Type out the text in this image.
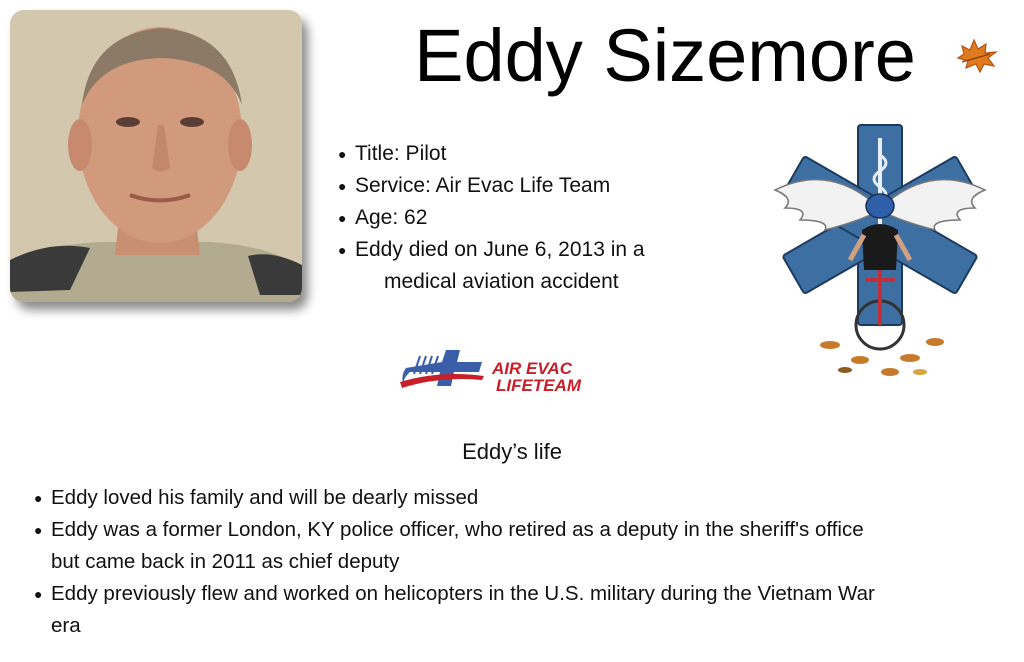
Eddy Sizemore
● Title: Pilot
● Service: Air Evac Life Team
● Age: 62
● Eddy died on June 6, 2013 in a
medical aviation accident
AIR EVAC
LIFETEAM
Eddy’s life
● Eddy loved his family and will be dearly missed
● Eddy was a former London, KY police officer, who retired as a deputy in the sheriff's office
but came back in 2011 as chief deputy
● Eddy previously flew and worked on helicopters in the U.S. military during the Vietnam War
era
